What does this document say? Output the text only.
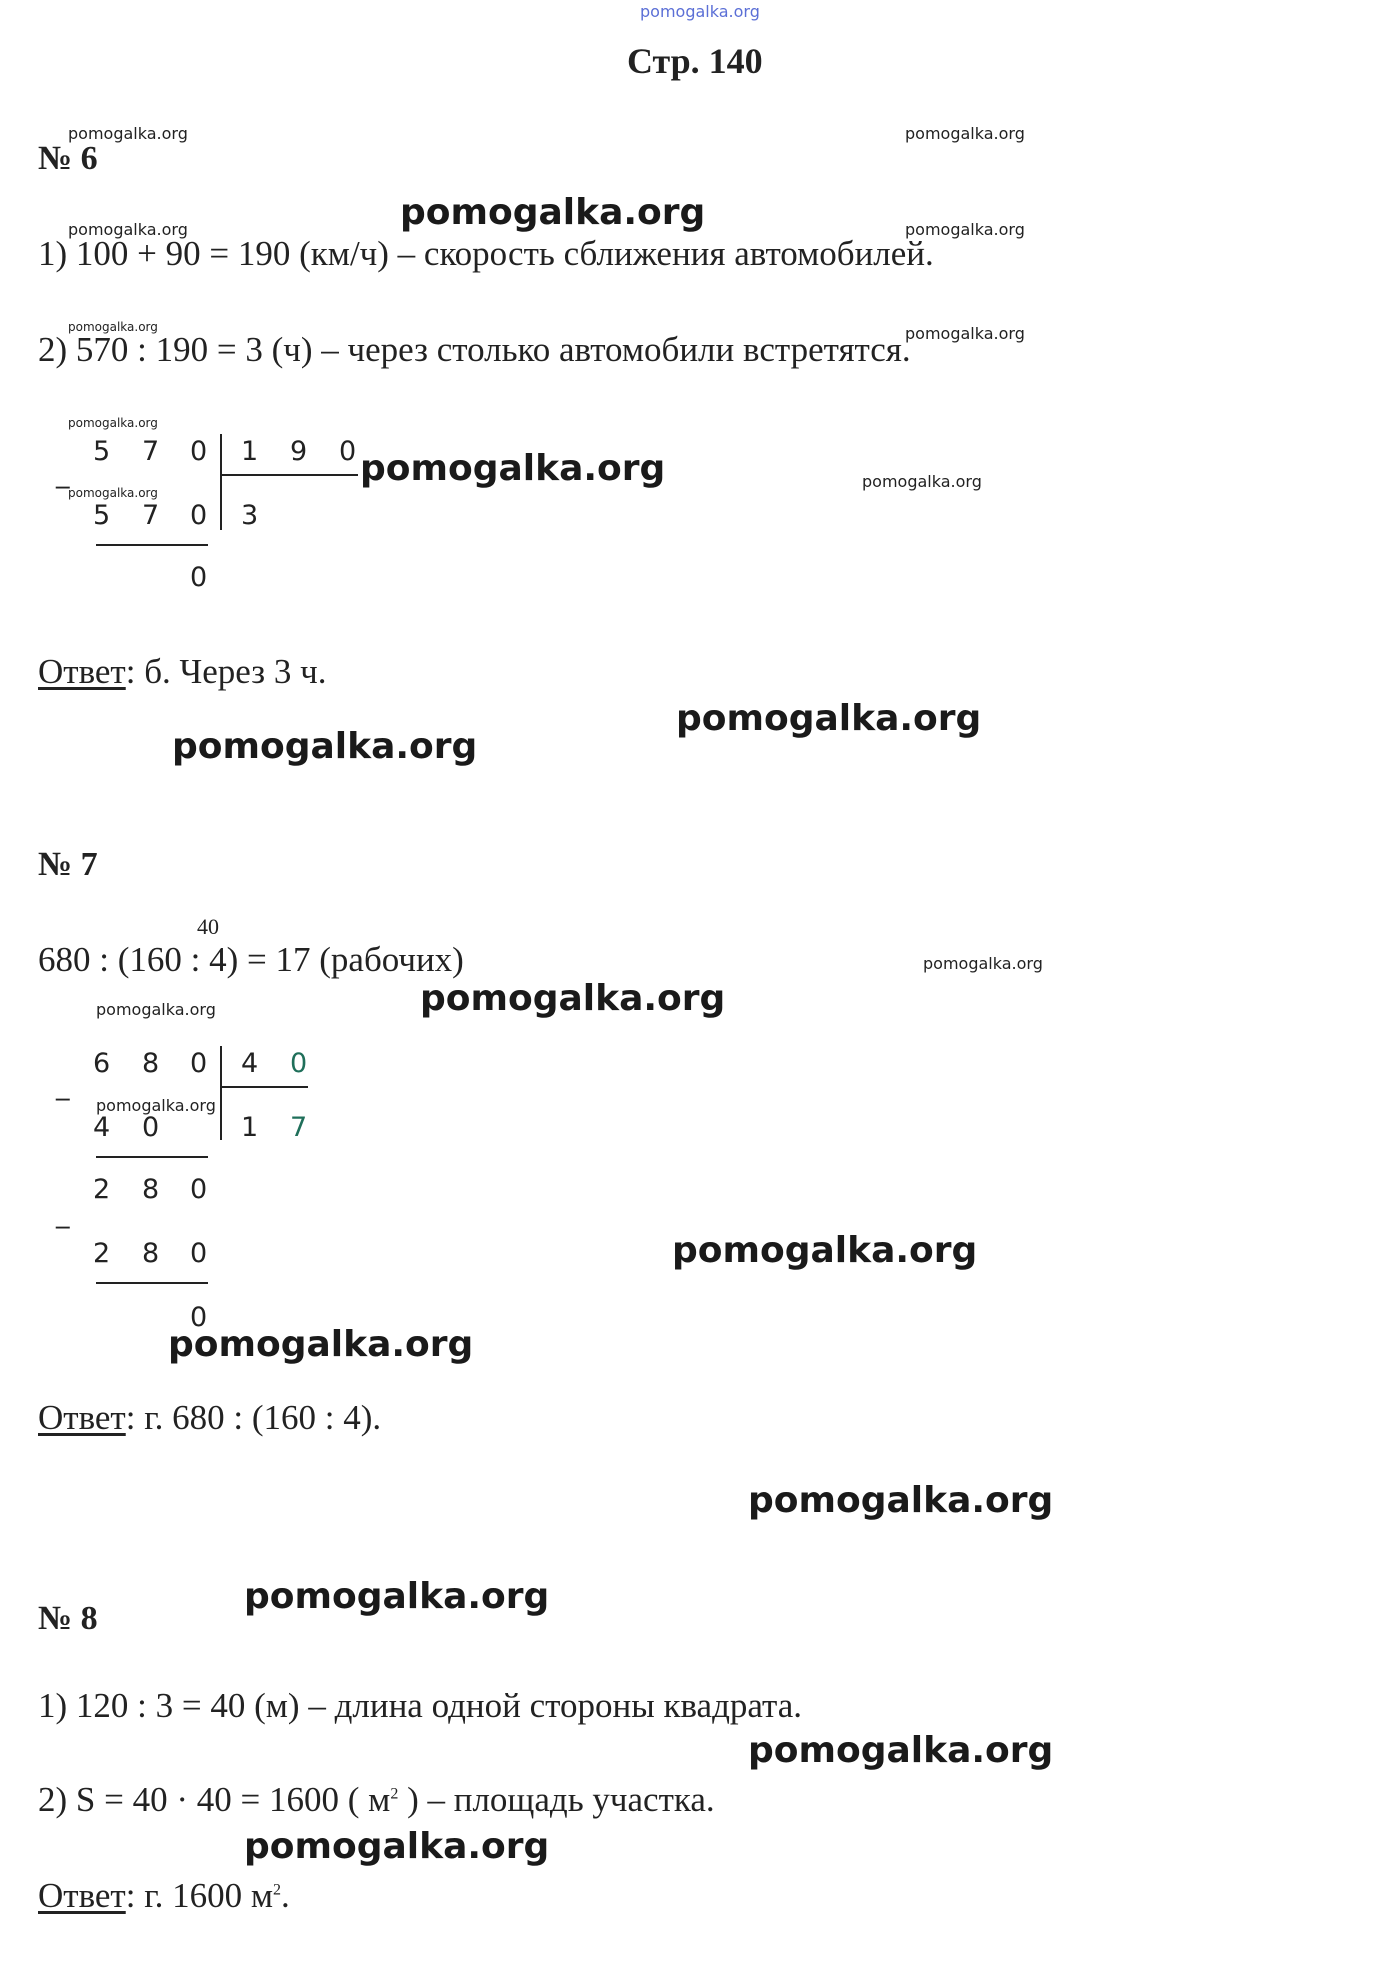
pomogalka.org
Стр. 140
pomogalka.org	pomogalka.org
№ 6
pomogalka.org
pomogalka.org	pomogalka.org
1) 100 + 90 = 190 (км/ч) – скорость сближения автомобилей.
pomogalka.org	pomogalka.org
2) 570 : 190 = 3 (ч) – через столько автомобили встретятся.
pomogalka.org
5 7 0 1 9 0
_	pomogalka.org	pomogalka.org
pomogalka.org
5 7 0 3
0
Ответ: б. Через 3 ч.
pomogalka.org
pomogalka.org
№ 7
40
680 : (160 : 4) = 17 (рабочих)	pomogalka.org
pomogalka.org	pomogalka.org
6 8 0 4 0
_
pomogalka.org
4 0	1 7
2 8 0
_
2 8 0	pomogalka.org
0
pomogalka.org
Ответ: г. 680 : (160 : 4).
pomogalka.org
pomogalka.org
№ 8
1) 120 : 3 = 40 (м) – длина одной стороны квадрата.
pomogalka.org
2) S = 40 · 40 = 1600 ( $м^2$ ) – площадь участка.
pomogalka.org
Ответ: г. 1600 $м^2$.
